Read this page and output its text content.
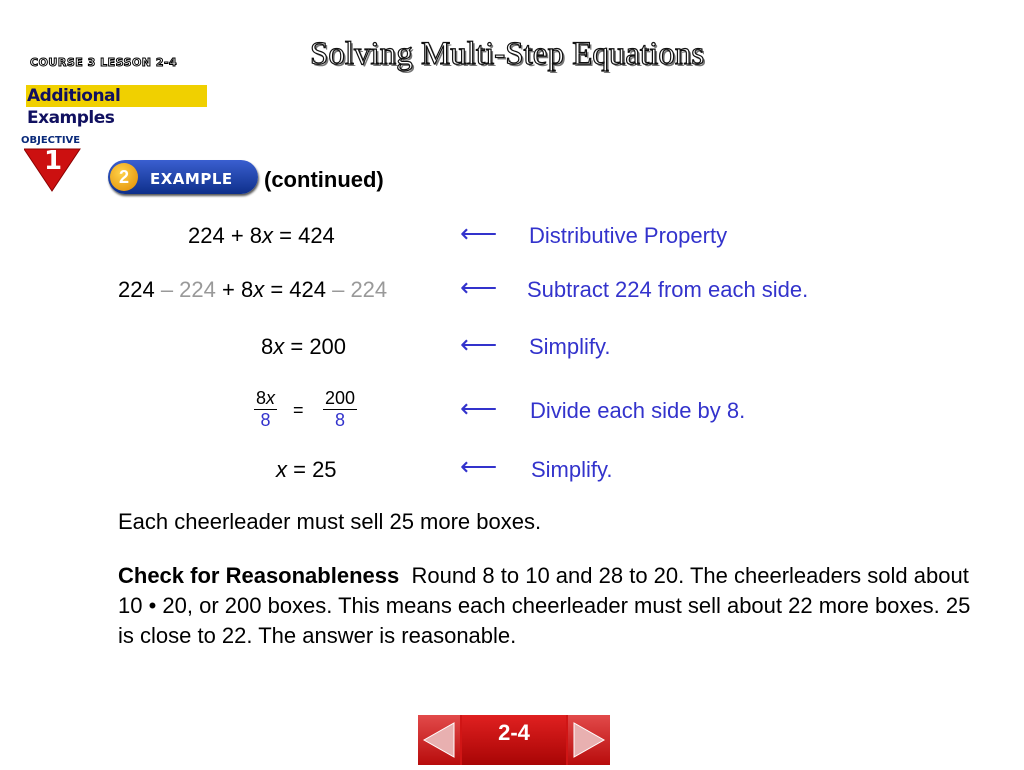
COURSE 3 LESSON 2-4
Additional Examples
Solving Multi-Step Equations
OBJECTIVE
1
2	EXAMPLE (continued)
224 + 8x = 424	⟵ Distributive Property
224 – 224 + 8x = 424 – 224	⟵ Subtract 224 from each side.
8x = 200	⟵ Simplify.
$\frac{8x}{8} = \frac{200}{8}$	⟵ Divide each side by 8.
x = 25	⟵ Simplify.
Each cheerleader must sell 25 more boxes.
Check for Reasonableness Round 8 to 10 and 28 to 20. The cheerleaders sold about 10 • 20, or 200 boxes. This means each cheerleader must sell about 22 more boxes. 25 is close to 22. The answer is reasonable.
2-4
